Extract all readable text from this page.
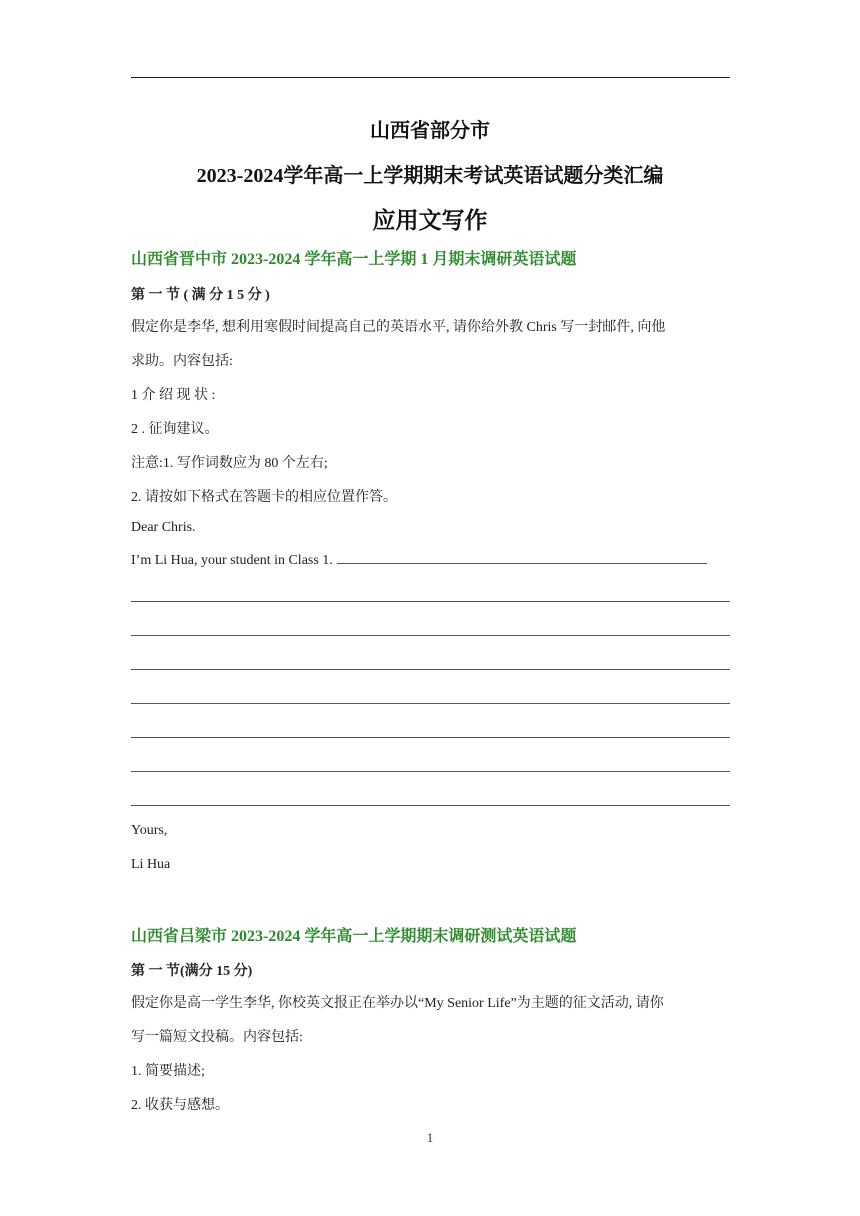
山西省部分市
2023-2024学年高一上学期期末考试英语试题分类汇编
应用文写作
山西省晋中市 2023-2024 学年高一上学期 1 月期末调研英语试题
第 一 节 ( 满 分 1 5 分 )
假定你是李华, 想利用寒假时间提高自己的英语水平, 请你给外教 Chris 写一封邮件, 向他
求助。内容包括:
1 介 绍 现 状 :
2 . 征询建议。
注意:1. 写作词数应为 80 个左右;
2. 请按如下格式在答题卡的相应位置作答。
Dear Chris.
I’m Li Hua, your student in Class 1.
Yours,
Li Hua
山西省吕梁市 2023-2024 学年高一上学期期末调研测试英语试题
第 一 节(满分 15 分)
假定你是高一学生李华, 你校英文报正在举办以“My Senior Life”为主题的征文活动, 请你
写一篇短文投稿。内容包括:
1. 简要描述;
2. 收获与感想。
1
